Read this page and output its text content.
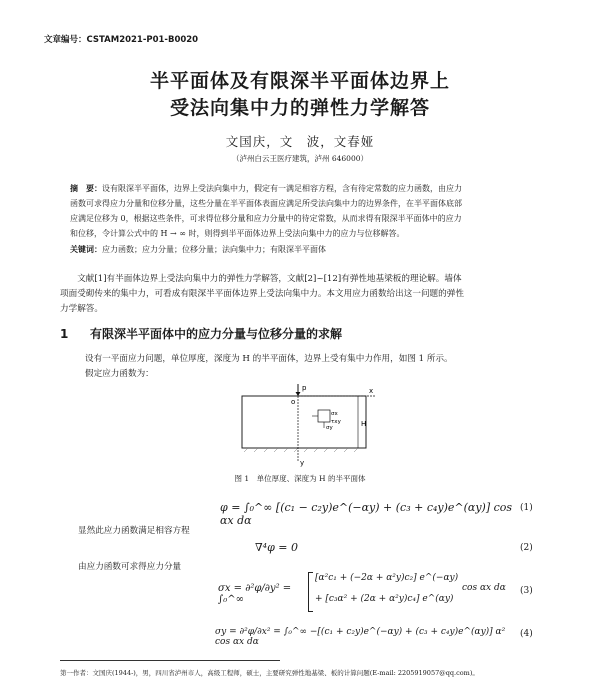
文章编号：CSTAM2021-P01-B0020
半平面体及有限深半平面体边界上
受法向集中力的弹性力学解答
文国庆，文　波，文春娅
（泸州白云王医疗建筑，泸州 646000）
摘　要：设有限深半平面体，边界上受法向集中力，假定有一满足相容方程，含有待定常数的应力函数，由应力
函数可求得应力分量和位移分量，这些分量在半平面体表面应满足所受法向集中力的边界条件，在半平面体底部
应满足位移为 0，根据这些条件，可求得位移分量和应力分量中的待定常数，从而求得有限深半平面体中的应力
和位移，令计算公式中的 H → ∞ 时，则得到半平面体边界上受法向集中力的应力与位移解答。
关键词：应力函数；应力分量；位移分量；法向集中力；有限深半平面体
文献[1]有半面体边界上受法向集中力的弹性力学解答，文献[2]~[12]有弹性地基梁板的理论解。墙体
项面受砌传来的集中力，可看成有限深半平面体边界上受法向集中力。本文用应力函数给出这一问题的弹性
力学解答。
1 有限深半平面体中的应力分量与位移分量的求解
设有一平面应力问题，单位厚度，深度为 H 的半平面体，边界上受有集中力作用，如图 1 所示。
假定应力函数为：
p
o
x
y
σx
σy
τxy	H
图 1　单位厚度、深度为 H 的半平面体
φ = ∫₀^∞ [(c₁ − c₂y)e^(−αy) + (c₃ + c₄y)e^(αy)] cos αx dα
(1)
显然此应力函数满足相容方程
∇⁴φ = 0	(2)
由应力函数可求得应力分量
σx = ∂²φ/∂y² = ∫₀^∞
[α²c₁ + (−2α + α²y)c₂] e^(−αy)
+ [c₃α² + (2α + α²y)c₄] e^(αy)
cos αx dα	(3)
σy = ∂²φ/∂x² = ∫₀^∞ −[(c₁ + c₂y)e^(−αy) + (c₃ + c₄y)e^(αy)] α² cos αx dα
(4)
第一作者：文国庆(1944-)，男，四川省泸州市人，高级工程师，硕士，主要研究弹性地基梁、板的计算问题(E-mail: 2205919057@qq.com)。
